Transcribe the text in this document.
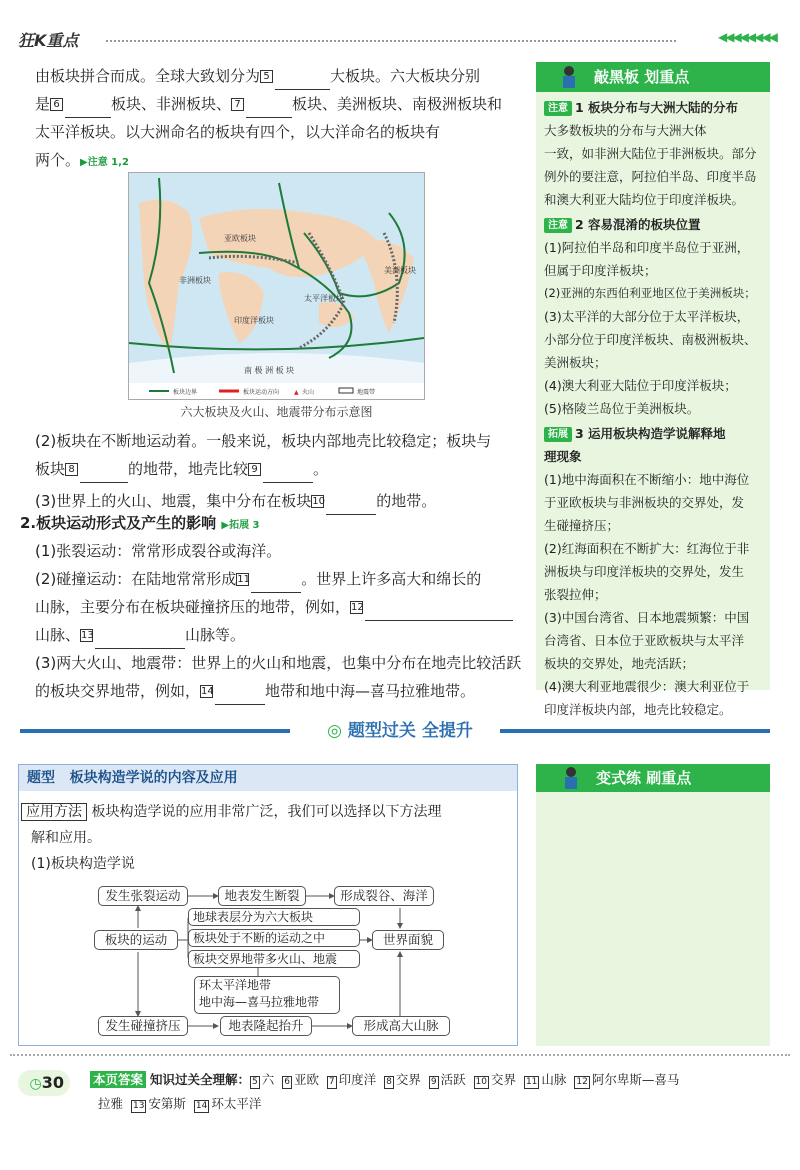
狂K重点	◀◀◀◀◀◀◀◀
由板块拼合而成。全球大致划分为 5	大板块。六大板块分别
是 6	板块、非洲板块、 7	板块、美洲板块、南极洲板块和
太平洋板块。以大洲命名的板块有四个，以大洋命名的板块有
两个。▶注意 1,2
亚欧板块
非洲板块
太平洋板块
印度洋板块
美洲板块
南 极 洲 板 块
板块边界	板块运动方向 ▲ 火山	地震带
六大板块及火山、地震带分布示意图
(2)板块在不断地运动着。一般来说，板块内部地壳比较稳定；板块与
板块 8	的地带，地壳比较 9	。
(3)世界上的火山、地震，集中分布在板块10	的地带。
2.板块运动形式及产生的影响 ▶拓展 3
(1)张裂运动：常常形成裂谷或海洋。
(2)碰撞运动：在陆地常常形成11	。世界上许多高大和绵长的
山脉，主要分布在板块碰撞挤压的地带，例如，12
山脉、13	山脉等。
(3)两大火山、地震带：世界上的火山和地震，也集中分布在地壳比较活跃
的板块交界地带，例如，14	地带和地中海—喜马拉雅地带。
敲黑板 划重点
注意 1 板块分布与大洲大陆的分布
大多数板块的分布与大洲大体
一致，如非洲大陆位于非洲板块。部分
例外的要注意，阿拉伯半岛、印度半岛
和澳大利亚大陆均位于印度洋板块。
注意 2 容易混淆的板块位置
(1)阿拉伯半岛和印度半岛位于亚洲，
但属于印度洋板块；
(2)亚洲的东西伯利亚地区位于美洲板块；
(3)太平洋的大部分位于太平洋板块，
小部分位于印度洋板块、南极洲板块、
美洲板块；
(4)澳大利亚大陆位于印度洋板块；
(5)格陵兰岛位于美洲板块。
拓展 3 运用板块构造学说解释地
理现象
(1)地中海面积在不断缩小：地中海位
于亚欧板块与非洲板块的交界处，发
生碰撞挤压；
(2)红海面积在不断扩大：红海位于非
洲板块与印度洋板块的交界处，发生
张裂拉伸；
(3)中国台湾省、日本地震频繁：中国
台湾省、日本位于亚欧板块与太平洋
板块的交界处，地壳活跃；
(4)澳大利亚地震很少：澳大利亚位于
印度洋板块内部，地壳比较稳定。
◎ 题型过关 全提升
题型 板块构造学说的内容及应用
应用方法 板块构造学说的应用非常广泛，我们可以选择以下方法理
解和应用。
(1)板块构造学说
发生张裂运动	地表发生断裂	形成裂谷、海洋
板块的运动
地球表层分为六大板块
板块处于不断的运动之中
板块交界地带多火山、地震
世界面貌
环太平洋地带
地中海—喜马拉雅地带
发生碰撞挤压	地表隆起抬升	形成高大山脉
变式练 刷重点
◷30	本页答案 知识过关全理解： 5 六 6 亚欧 7 印度洋 8 交界 9 活跃 10 交界 11 山脉 12 阿尔卑斯—喜马
拉雅 13 安第斯 14 环太平洋
